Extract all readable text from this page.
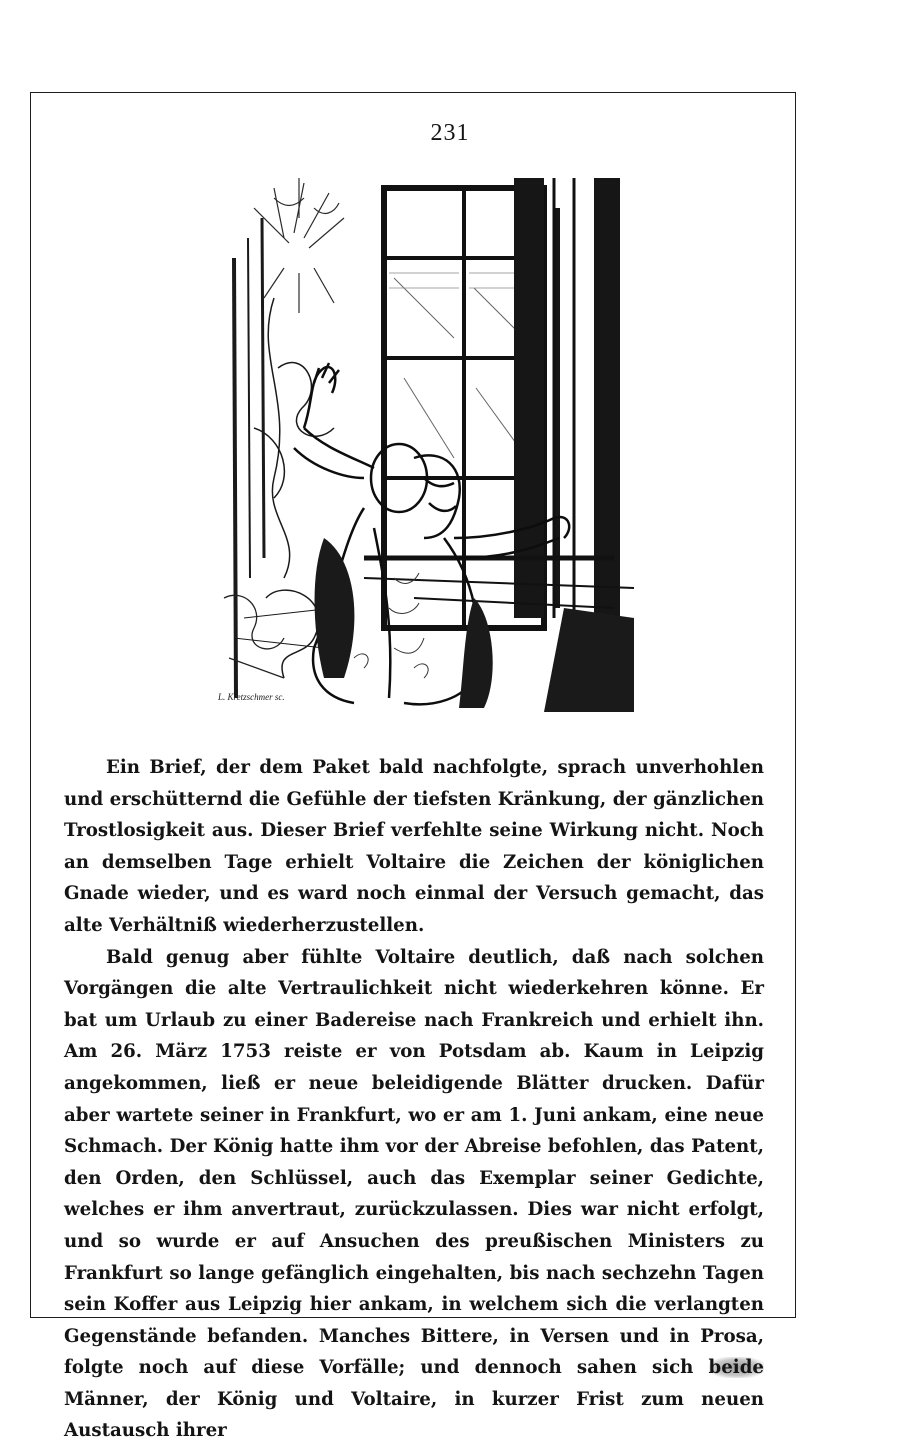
231
L. Kretzschmer sc.

Ein Brief, der dem Paket bald nachfolgte, sprach unverhohlen und erschütternd die Gefühle der tiefsten Kränkung, der gänzlichen Trostlosigkeit aus. Dieser Brief verfehlte seine Wirkung nicht. Noch an demselben Tage erhielt Voltaire die Zeichen der königlichen Gnade wieder, und es ward noch einmal der Versuch gemacht, das alte Verhältniß wiederherzustellen.

Bald genug aber fühlte Voltaire deutlich, daß nach solchen Vorgängen die alte Vertraulichkeit nicht wiederkehren könne. Er bat um Urlaub zu einer Badereise nach Frankreich und erhielt ihn. Am 26. März 1753 reiste er von Potsdam ab. Kaum in Leipzig angekommen, ließ er neue beleidigende Blätter drucken. Dafür aber wartete seiner in Frankfurt, wo er am 1. Juni ankam, eine neue Schmach. Der König hatte ihm vor der Abreise befohlen, das Patent, den Orden, den Schlüssel, auch das Exemplar seiner Gedichte, welches er ihm anvertraut, zurückzulassen. Dies war nicht erfolgt, und so wurde er auf Ansuchen des preußischen Ministers zu Frankfurt so lange gefänglich eingehalten, bis nach sechzehn Tagen sein Koffer aus Leipzig hier ankam, in welchem sich die verlangten Gegenstände befanden. Manches Bittere, in Versen und in Prosa, folgte noch auf diese Vorfälle; und dennoch sahen sich beide Männer, der König und Voltaire, in kurzer Frist zum neuen Austausch ihrer
